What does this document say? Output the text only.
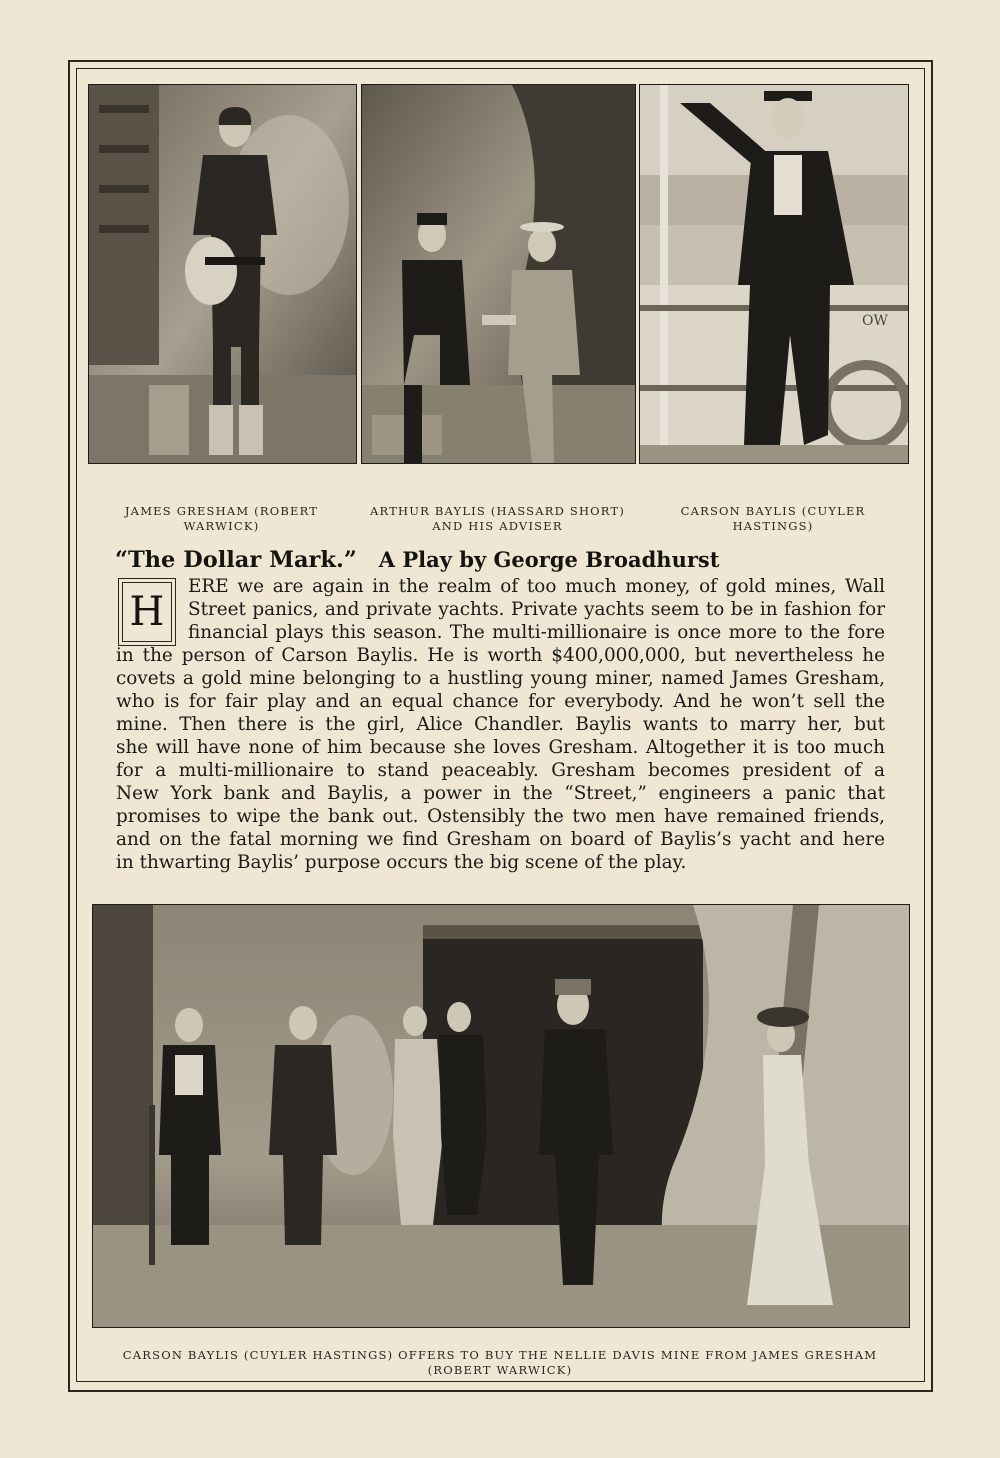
JAMES GRESHAM (ROBERT WARWICK)
ARTHUR BAYLIS (HASSARD SHORT)
AND HIS ADVISER
OW
CARSON BAYLIS (CUYLER HASTINGS)
“The Dollar Mark.” A Play by George Broadhurst
H
ERE we are again in the realm of too much money, of gold mines, Wall
Street panics, and private yachts. Private yachts seem to be in fashion for
financial plays this season. The multi-millionaire is once more to the fore
in the person of Carson Baylis. He is worth $400,000,000, but nevertheless he
covets a gold mine belonging to a hustling young miner, named James Gresham,
who is for fair play and an equal chance for everybody. And he won’t sell the
mine. Then there is the girl, Alice Chandler. Baylis wants to marry her, but
she will have none of him because she loves Gresham. Altogether it is too much
for a multi-millionaire to stand peaceably. Gresham becomes president of a
New York bank and Baylis, a power in the “Street,” engineers a panic that
promises to wipe the bank out. Ostensibly the two men have remained friends,
and on the fatal morning we find Gresham on board of Baylis’s yacht and here
in thwarting Baylis’ purpose occurs the big scene of the play.
CARSON BAYLIS (CUYLER HASTINGS) OFFERS TO BUY THE NELLIE DAVIS MINE FROM JAMES GRESHAM
(ROBERT WARWICK)
